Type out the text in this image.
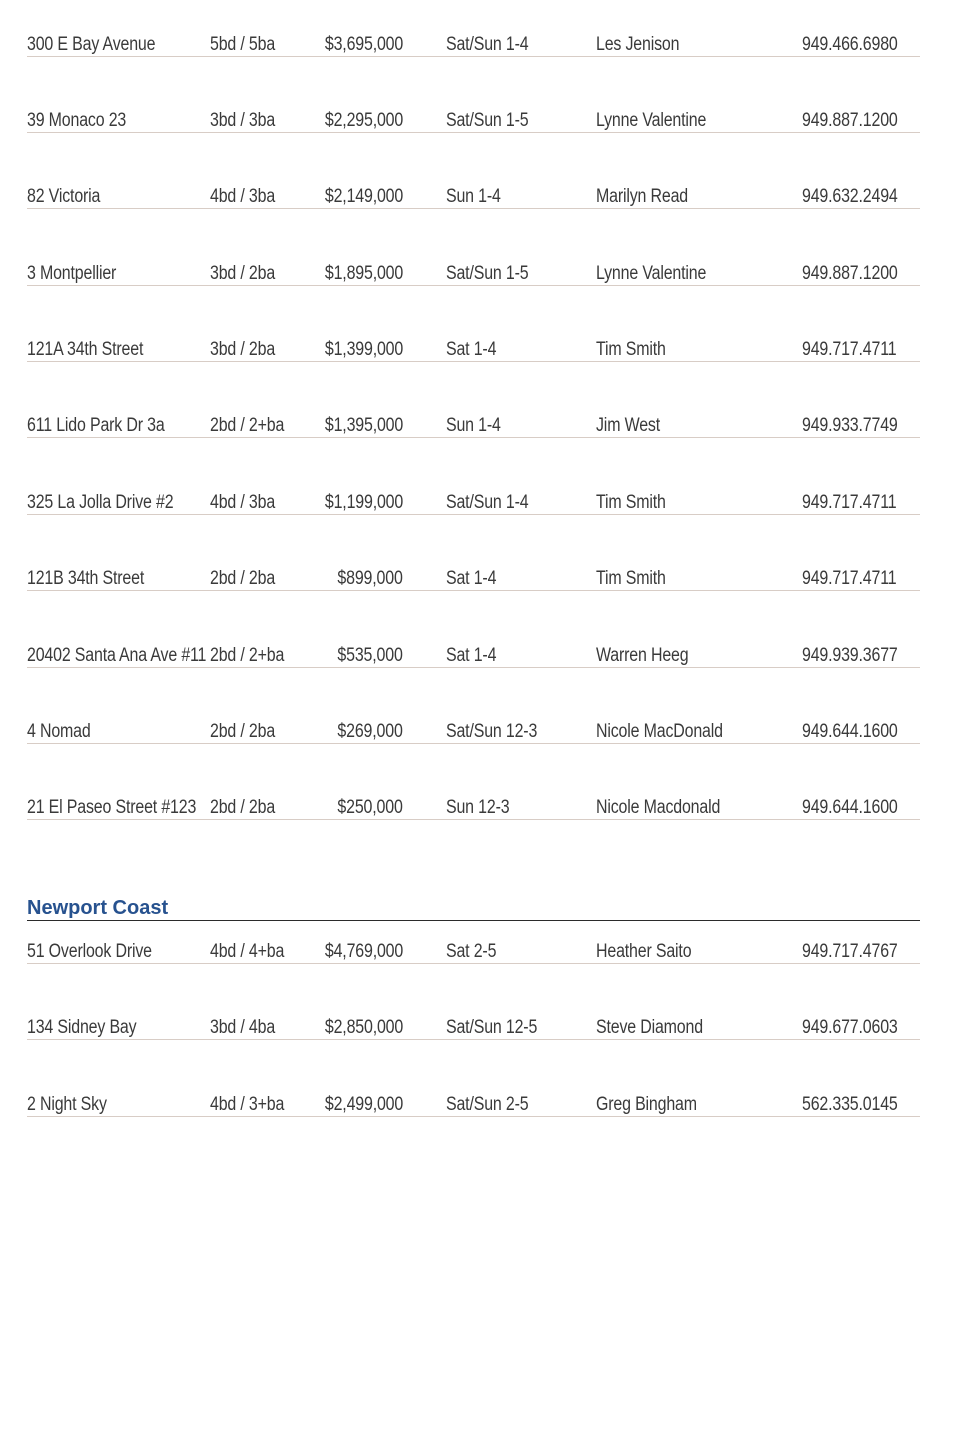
300 E Bay Avenue	5bd / 5ba	$3,695,000 Sat/Sun 1-4	Les Jenison	949.466.6980
39 Monaco 23	3bd / 3ba	$2,295,000 Sat/Sun 1-5	Lynne Valentine	949.887.1200
82 Victoria	4bd / 3ba	$2,149,000 Sun 1-4	Marilyn Read	949.632.2494
3 Montpellier	3bd / 2ba	$1,895,000 Sat/Sun 1-5	Lynne Valentine	949.887.1200
121A 34th Street	3bd / 2ba	$1,399,000 Sat 1-4	Tim Smith	949.717.4711
611 Lido Park Dr 3a 2bd / 2+ba $1,395,000 Sun 1-4	Jim West	949.933.7749
325 La Jolla Drive #2 4bd / 3ba	$1,199,000 Sat/Sun 1-4	Tim Smith	949.717.4711
121B 34th Street	2bd / 2ba	$899,000 Sat 1-4	Tim Smith	949.717.4711
20402 Santa Ana Ave #11 2bd / 2+ba	$535,000 Sat 1-4	Warren Heeg	949.939.3677
4 Nomad	2bd / 2ba	$269,000 Sat/Sun 12-3	Nicole MacDonald	949.644.1600
21 El Paseo Street #123 2bd / 2ba	$250,000 Sun 12-3	Nicole Macdonald	949.644.1600
Newport Coast
51 Overlook Drive	4bd / 4+ba $4,769,000 Sat 2-5	Heather Saito	949.717.4767
134 Sidney Bay	3bd / 4ba	$2,850,000 Sat/Sun 12-5	Steve Diamond	949.677.0603
2 Night Sky	4bd / 3+ba $2,499,000 Sat/Sun 2-5	Greg Bingham	562.335.0145
